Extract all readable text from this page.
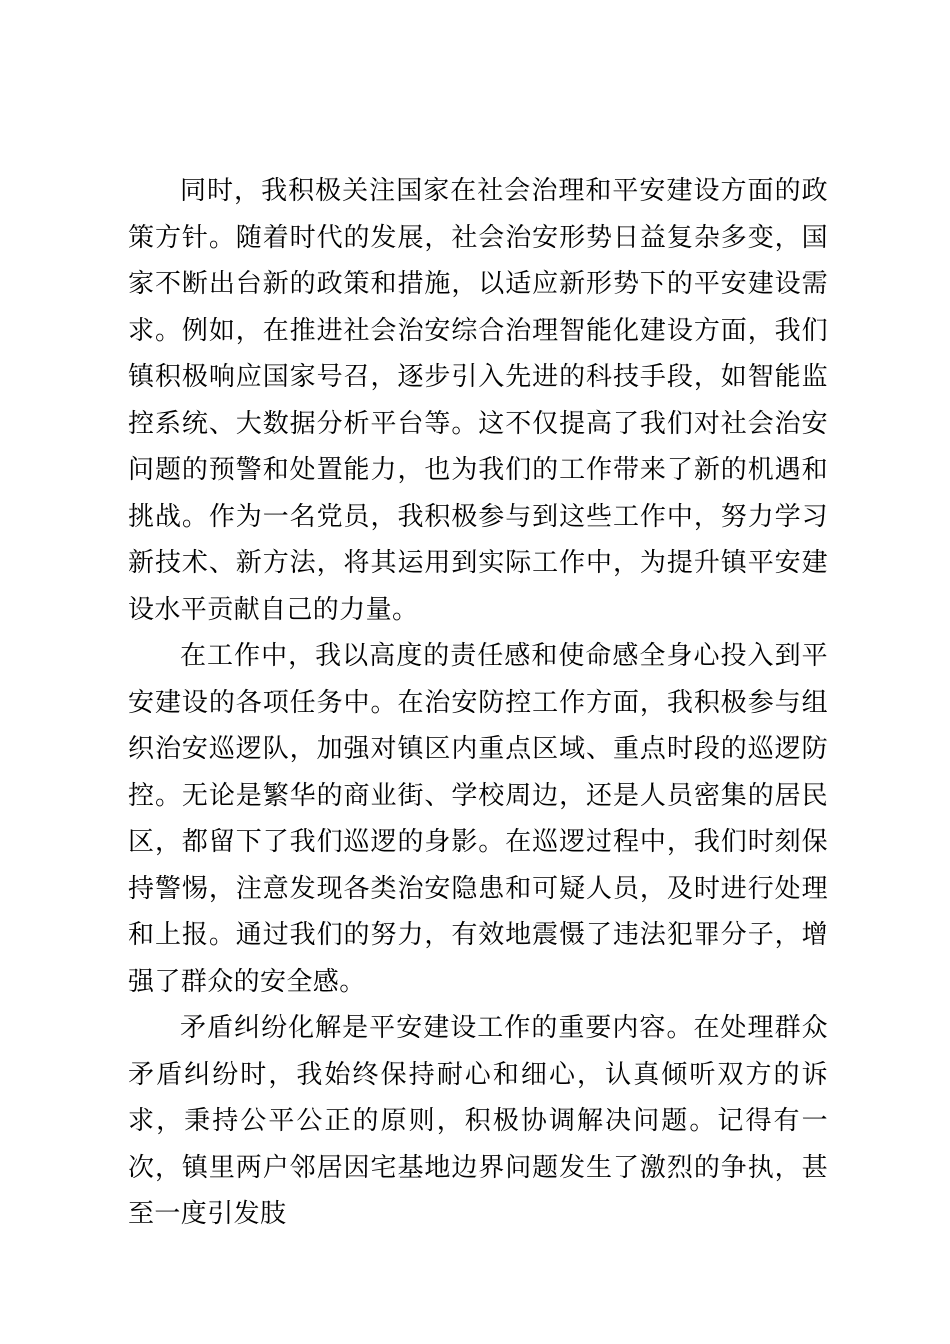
同时，我积极关注国家在社会治理和平安建设方面的政策方针。随着时代的发展，社会治安形势日益复杂多变，国家不断出台新的政策和措施，以适应新形势下的平安建设需求。例如，在推进社会治安综合治理智能化建设方面，我们镇积极响应国家号召，逐步引入先进的科技手段，如智能监控系统、大数据分析平台等。这不仅提高了我们对社会治安问题的预警和处置能力，也为我们的工作带来了新的机遇和挑战。作为一名党员，我积极参与到这些工作中，努力学习新技术、新方法，将其运用到实际工作中，为提升镇平安建设水平贡献自己的力量。

在工作中，我以高度的责任感和使命感全身心投入到平安建设的各项任务中。在治安防控工作方面，我积极参与组织治安巡逻队，加强对镇区内重点区域、重点时段的巡逻防控。无论是繁华的商业街、学校周边，还是人员密集的居民区，都留下了我们巡逻的身影。在巡逻过程中，我们时刻保持警惕，注意发现各类治安隐患和可疑人员，及时进行处理和上报。通过我们的努力，有效地震慑了违法犯罪分子，增强了群众的安全感。

矛盾纠纷化解是平安建设工作的重要内容。在处理群众矛盾纠纷时，我始终保持耐心和细心，认真倾听双方的诉求，秉持公平公正的原则，积极协调解决问题。记得有一次，镇里两户邻居因宅基地边界问题发生了激烈的争执，甚至一度引发肢
